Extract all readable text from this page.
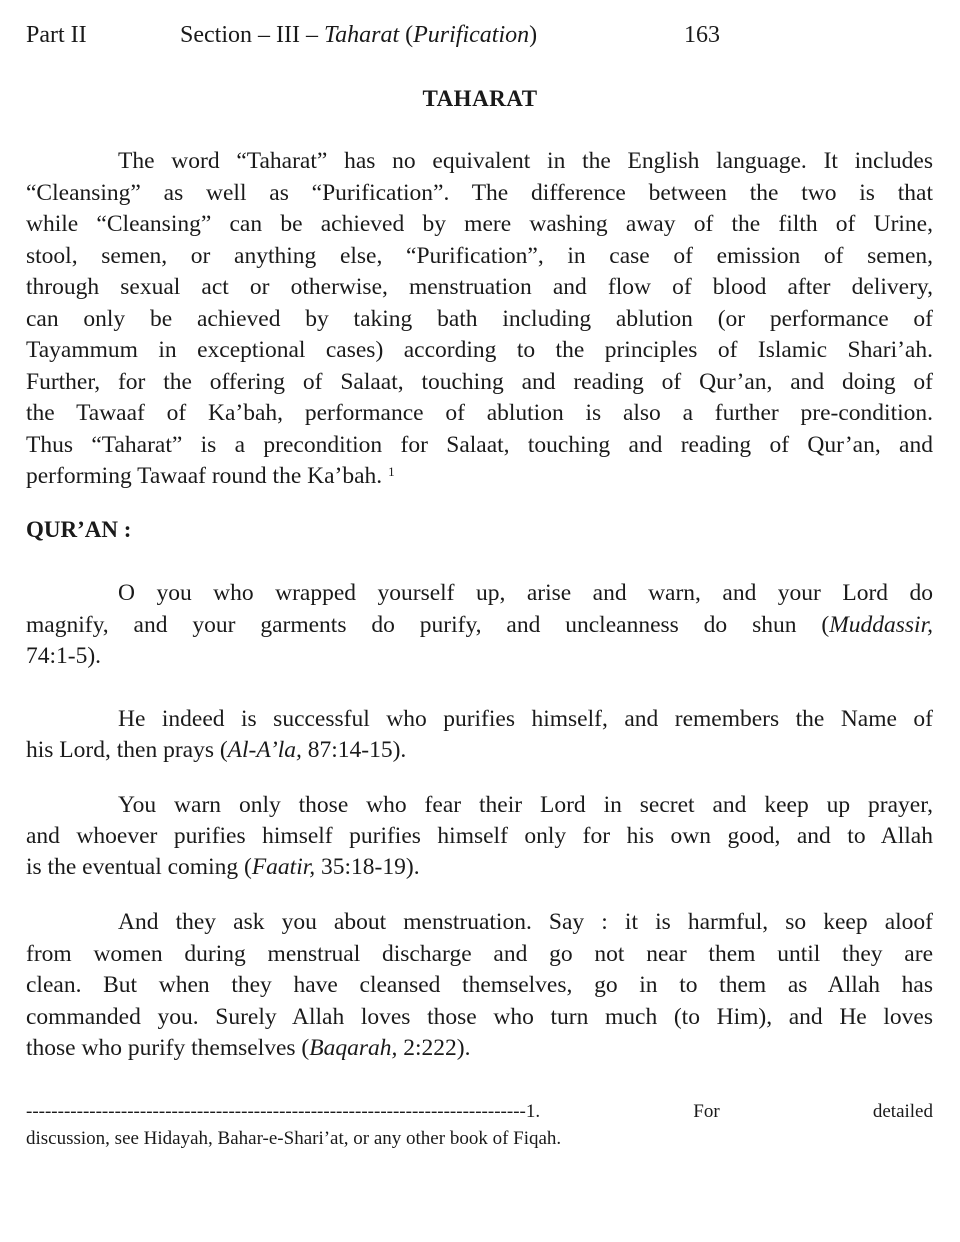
Part II	Section – III – Taharat (Purification)	163
TAHARAT
The word “Taharat” has no equivalent in the English language. It includes
“Cleansing” as well as “Purification”. The difference between the two is that
while “Cleansing” can be achieved by mere washing away of the filth of Urine,
stool, semen, or anything else, “Purification”, in case of emission of semen,
through sexual act or otherwise, menstruation and flow of blood after delivery,
can only be achieved by taking bath including ablution (or performance of
Tayammum in exceptional cases) according to the principles of Islamic Shari’ah.
Further, for the offering of Salaat, touching and reading of Qur’an, and doing of
the Tawaaf of Ka’bah, performance of ablution is also a further pre-condition.
Thus “Taharat” is a precondition for Salaat, touching and reading of Qur’an, and
performing Tawaaf round the Ka’bah. $^1$
QUR’AN :
O you who wrapped yourself up, arise and warn, and your Lord do
magnify, and your garments do purify, and uncleanness do shun (Muddassir,
74:1-5).
He indeed is successful who purifies himself, and remembers the Name of
his Lord, then prays (Al-A’la, 87:14-15).
You warn only those who fear their Lord in secret and keep up prayer,
and whoever purifies himself purifies himself only for his own good, and to Allah
is the eventual coming (Faatir, 35:18-19).
And they ask you about menstruation. Say : it is harmful, so keep aloof
from women during menstrual discharge and go not near them until they are
clean. But when they have cleansed themselves, go in to them as Allah has
commanded you. Surely Allah loves those who turn much (to Him), and He loves
those who purify themselves (Baqarah, 2:222).
-------------------------------------------------------------------------------1.	For	detailed
discussion, see Hidayah, Bahar-e-Shari’at, or any other book of Fiqah.
